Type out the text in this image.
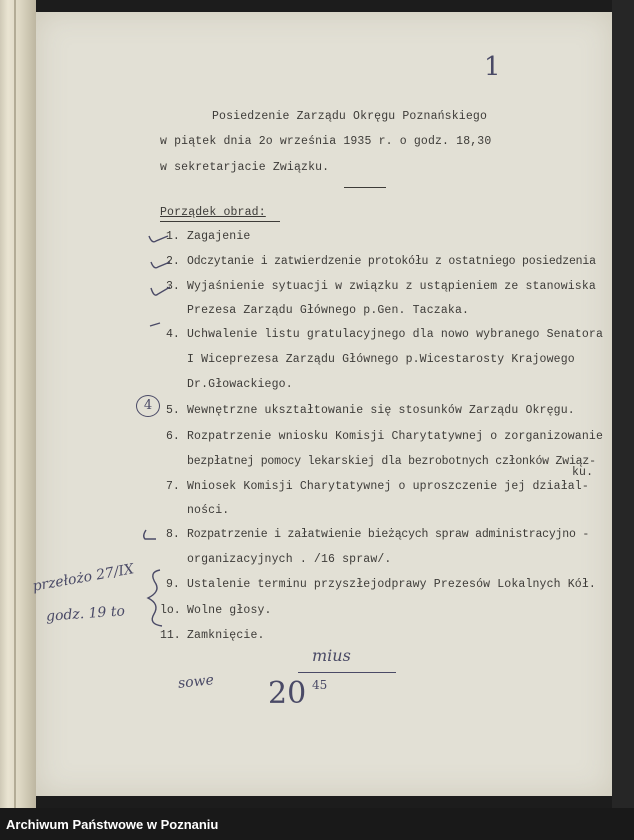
1

Posiedzenie Zarządu Okręgu Poznańskiego

w piątek dnia 2o września 1935 r. o godz. 18,30

w sekretarjacie Związku.

Porządek obrad:

1. Zagajenie

2. Odczytanie i zatwierdzenie protokółu z ostatniego posiedzenia

3. Wyjaśnienie sytuacji w związku z ustąpieniem ze stanowiska

Prezesa Zarządu Głównego p.Gen. Taczaka.

4. Uchwalenie listu gratulacyjnego dla nowo wybranego Senatora

I Wiceprezesa Zarządu Głównego p.Wicestarosty Krajowego

Dr.Głowackiego.

5. Wewnętrzne ukształtowanie się stosunków Zarządu Okręgu.

6. Rozpatrzenie wniosku Komisji Charytatywnej o zorganizowanie

bezpłatnej pomocy lekarskiej dla bezrobotnych członków Związ-

ku.

7. Wniosek Komisji Charytatywnej o uproszczenie jej działal-

ności.

8. Rozpatrzenie i załatwienie bieżących spraw administracyjno -

organizacyjnych . /16 spraw/.

9. Ustalenie terminu przyszłejodprawy Prezesów Lokalnych Kół.

lo. Wolne głosy.

11. Zamknięcie.

4
przełożo 27/IX
godz. 19 to
mius
sowe 20 45
Archiwum Państwowe w Poznaniu
